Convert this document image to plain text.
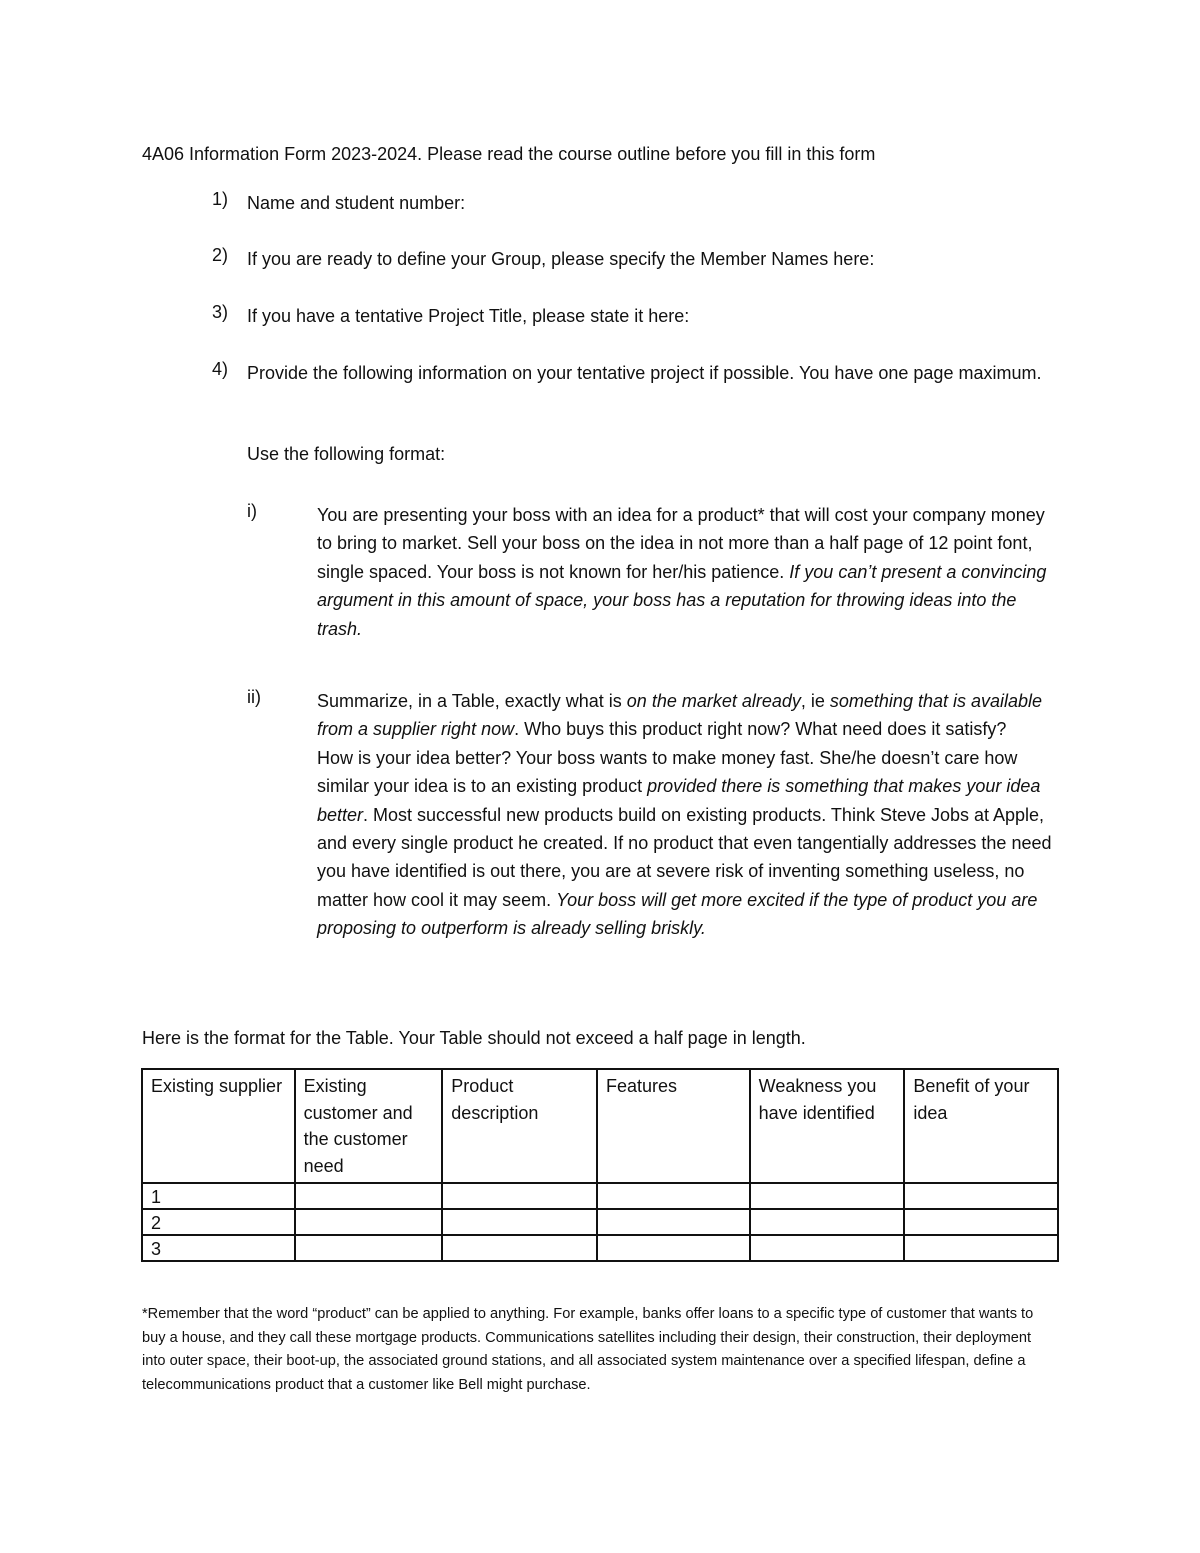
4A06 Information Form 2023-2024. Please read the course outline before you fill in this form
1)	Name and student number:
2)	If you are ready to define your Group, please specify the Member Names here:
3)	If you have a tentative Project Title, please state it here:
4)	Provide the following information on your tentative project if possible. You have one page maximum.
Use the following format:
i)	You are presenting your boss with an idea for a product* that will cost your company money to bring to market. Sell your boss on the idea in not more than a half page of 12 point font, single spaced. Your boss is not known for her/his patience. If you can’t present a convincing argument in this amount of space, your boss has a reputation for throwing ideas into the trash.
ii)	Summarize, in a Table, exactly what is on the market already, ie something that is available from a supplier right now. Who buys this product right now? What need does it satisfy?
How is your idea better? Your boss wants to make money fast. She/he doesn’t care how similar your idea is to an existing product provided there is something that makes your idea better. Most successful new products build on existing products. Think Steve Jobs at Apple, and every single product he created. If no product that even tangentially addresses the need you have identified is out there, you are at severe risk of inventing something useless, no matter how cool it may seem. Your boss will get more excited if the type of product you are proposing to outperform is already selling briskly.
Here is the format for the Table. Your Table should not exceed a half page in length.
Existing supplier	Existing customer and the customer need	Product description	Features	Weakness you have identified	Benefit of your idea
1					
2					
3					
*Remember that the word “product” can be applied to anything. For example, banks offer loans to a specific type of customer that wants to buy a house, and they call these mortgage products. Communications satellites including their design, their construction, their deployment into outer space, their boot-up, the associated ground stations, and all associated system maintenance over a specified lifespan, define a telecommunications product that a customer like Bell might purchase.
